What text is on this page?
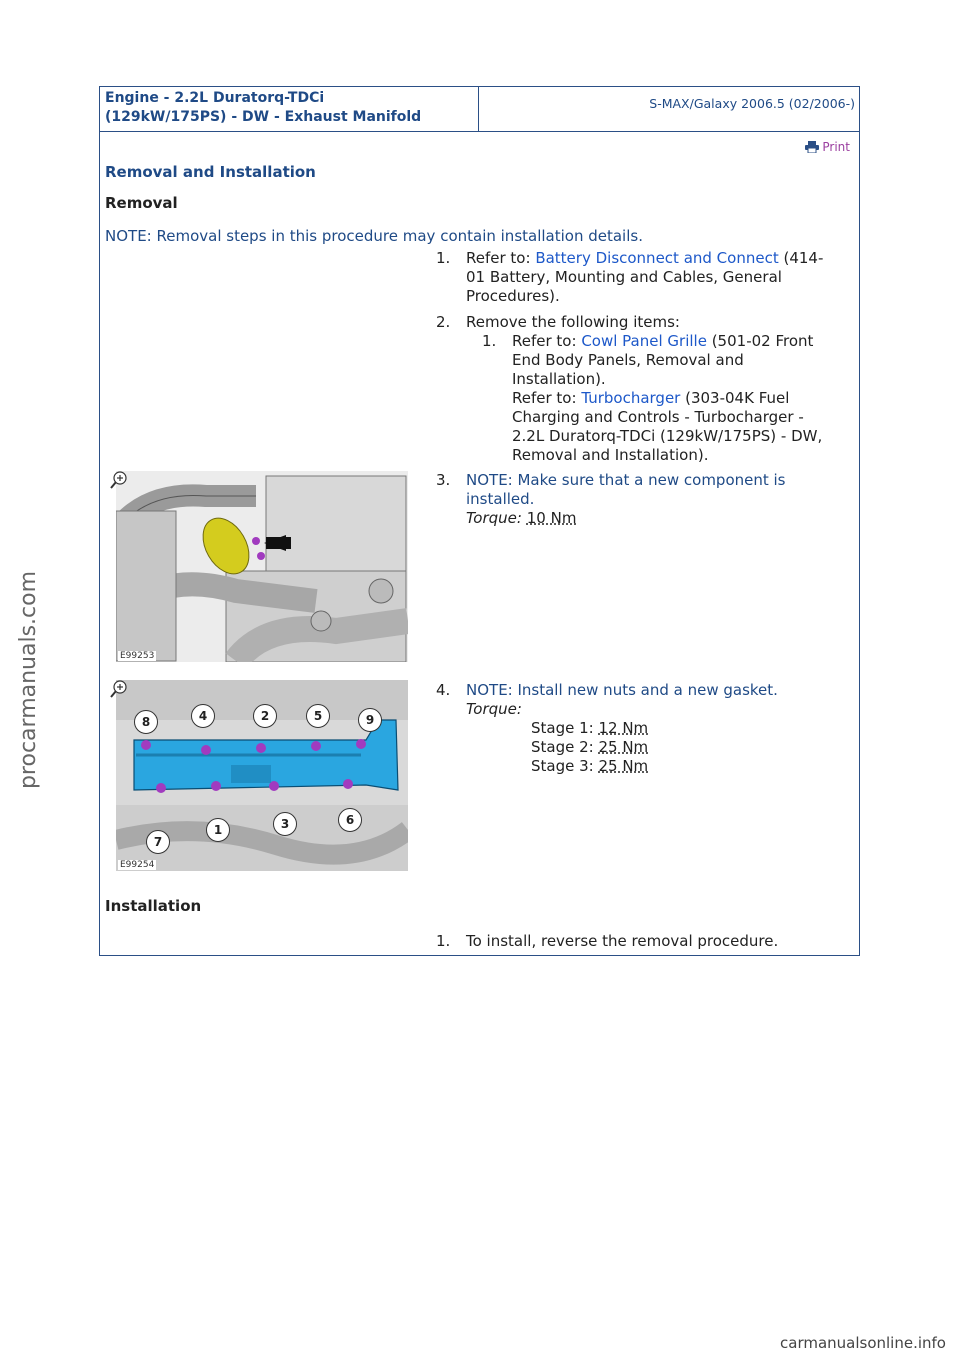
Engine - 2.2L Duratorq-TDCi
(129kW/175PS) - DW - Exhaust Manifold
S-MAX/Galaxy 2006.5 (02/2006-)
Print
Removal and Installation
Removal
NOTE: Removal steps in this procedure may contain installation details.
1. Refer to: Battery Disconnect and Connect (414-
01 Battery, Mounting and Cables, General
Procedures).
2. Remove the following items:
1. Refer to: Cowl Panel Grille (501-02 Front
End Body Panels, Removal and
Installation).
Refer to: Turbocharger (303-04K Fuel
Charging and Controls - Turbocharger -
2.2L Duratorq-TDCi (129kW/175PS) - DW,
Removal and Installation).
E99253
3. NOTE: Make sure that a new component is
installed.
Torque: 10 Nm
8	4	2	5	9
7
1	3	6
E99254
4. NOTE: Install new nuts and a new gasket.
Torque:
Stage 1: 12 Nm
Stage 2: 25 Nm
Stage 3: 25 Nm
Installation
1. To install, reverse the removal procedure.
procarmanuals.com
carmanualsonline.info
